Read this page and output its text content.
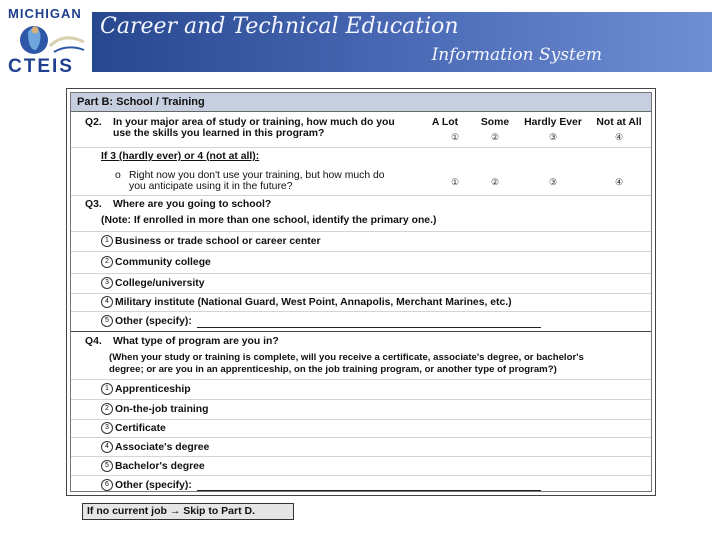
MICHIGAN
CTEIS
Career and Technical Education
Information System
Part B: School / Training
Q2. In your major area of study or training, how much do you
use the skills you learned in this program?
A Lot	Some	Hardly Ever	Not at All
①	②	③	④
If 3 (hardly ever) or 4 (not at all):
o Right now you don't use your training, but how much do
you anticipate using it in the future?	①	②	③	④
Q3. Where are you going to school?
(Note: If enrolled in more than one school, identify the primary one.)
1 Business or trade school or career center
2 Community college
3 College/university
4 Military institute (National Guard, West Point, Annapolis, Merchant Marines, etc.)
5 Other (specify):
Q4. What type of program are you in?
(When your study or training is complete, will you receive a certificate, associate's degree, or bachelor's
degree; or are you in an apprenticeship, on the job training program, or another type of program?)
1 Apprenticeship
2 On-the-job training
3 Certificate
4 Associate's degree
5 Bachelor's degree
6 Other (specify):
If no current job → Skip to Part D.
